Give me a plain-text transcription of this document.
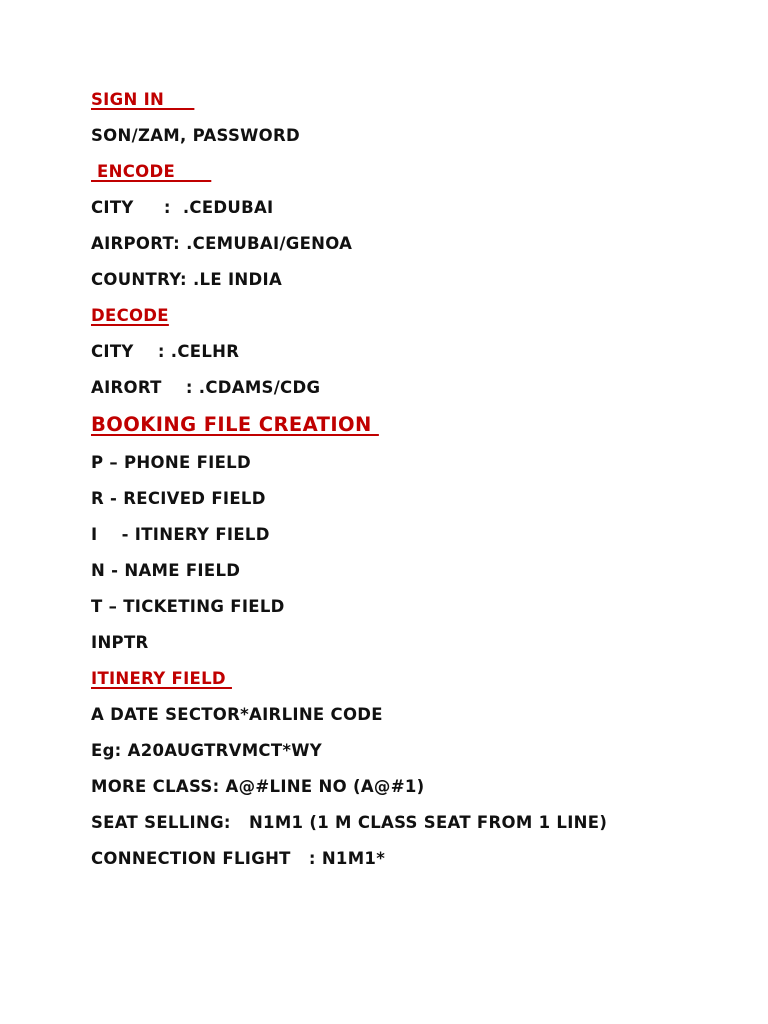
SIGN IN

SON/ZAM, PASSWORD

ENCODE

CITY     :  .CEDUBAI

AIRPORT: .CEMUBAI/GENOA

COUNTRY: .LE INDIA

DECODE

CITY    : .CELHR

AIRORT    : .CDAMS/CDG

BOOKING FILE CREATION

P – PHONE FIELD

R - RECIVED FIELD

I    - ITINERY FIELD

N - NAME FIELD

T – TICKETING FIELD

INPTR

ITINERY FIELD

A DATE SECTOR*AIRLINE CODE

Eg: A20AUGTRVMCT*WY

MORE CLASS: A@#LINE NO (A@#1)

SEAT SELLING:   N1M1 (1 M CLASS SEAT FROM 1 LINE)

CONNECTION FLIGHT   : N1M1*
